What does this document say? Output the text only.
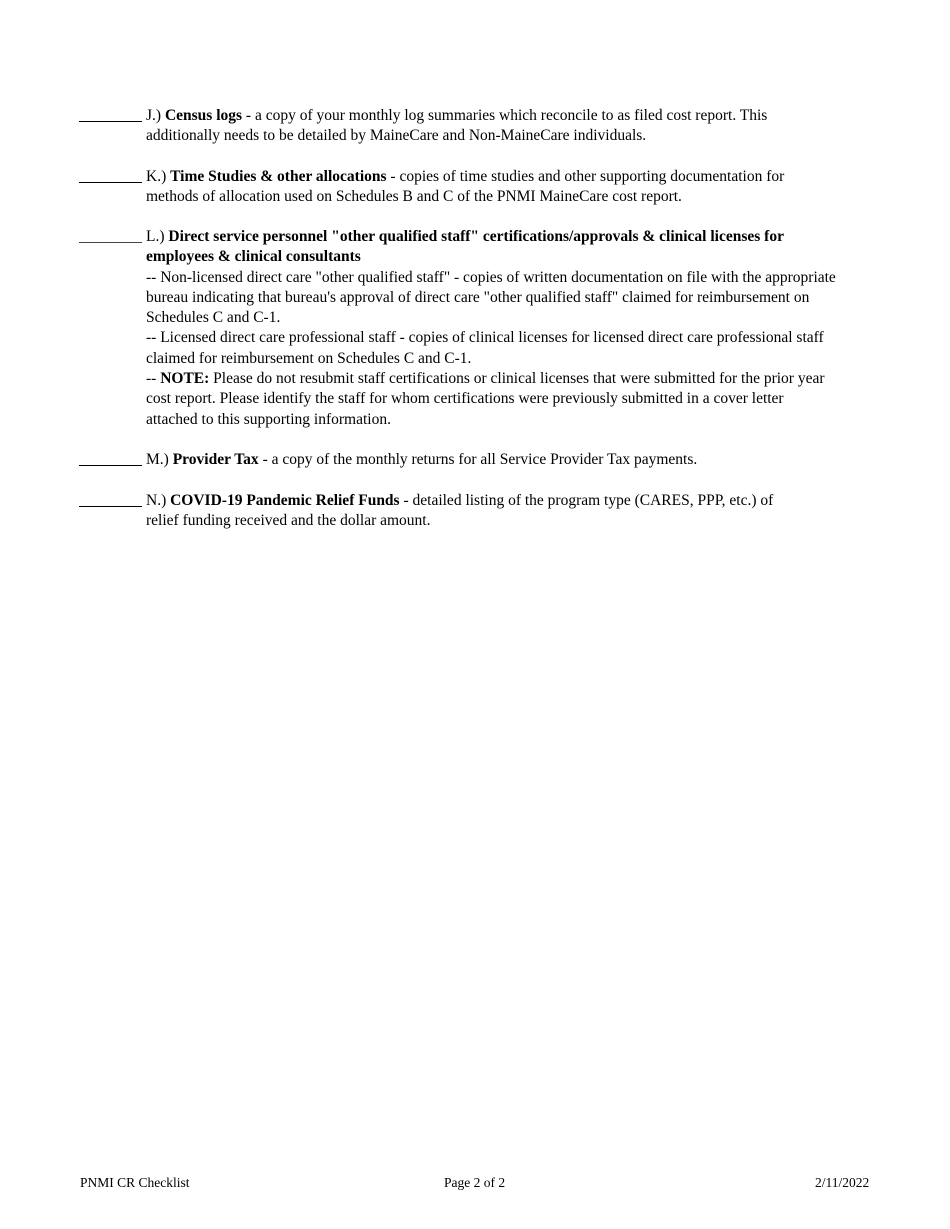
J.) Census logs - a copy of your monthly log summaries which reconcile to as filed cost report. This additionally needs to be detailed by MaineCare and Non-MaineCare individuals.
K.) Time Studies & other allocations - copies of time studies and other supporting documentation for methods of allocation used on Schedules B and C of the PNMI MaineCare cost report.
L.) Direct service personnel "other qualified staff" certifications/approvals & clinical licenses for employees & clinical consultants

-- Non-licensed direct care "other qualified staff" - copies of written documentation on file with the appropriate bureau indicating that bureau's approval of direct care "other qualified staff" claimed for reimbursement on Schedules C and C-1.

-- Licensed direct care professional staff - copies of clinical licenses for licensed direct care professional staff claimed for reimbursement on Schedules C and C-1.

-- NOTE: Please do not resubmit staff certifications or clinical licenses that were submitted for the prior year cost report. Please identify the staff for whom certifications were previously submitted in a cover letter attached to this supporting information.

M.) Provider Tax - a copy of the monthly returns for all Service Provider Tax payments.
N.) COVID-19 Pandemic Relief Funds - detailed listing of the program type (CARES, PPP, etc.) of relief funding received and the dollar amount.
PNMI CR Checklist	Page 2 of 2	2/11/2022
